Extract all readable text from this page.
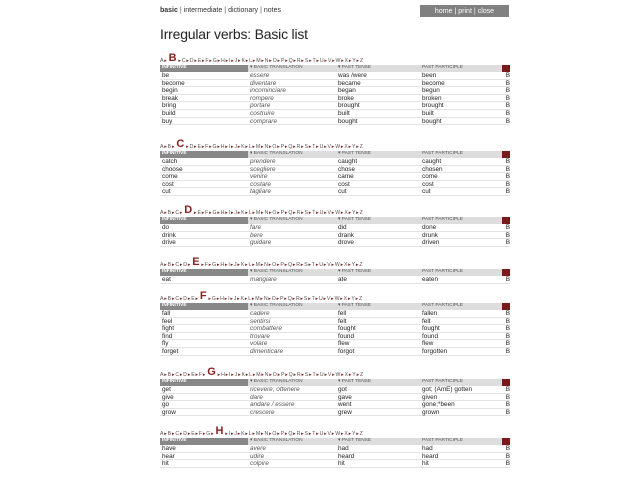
basic | intermediate | dictionary | notes	home | print | close
Irregular verbs: Basic list
A ▸ B ▸ C ▸ D ▸ E ▸ F ▸ G ▸ H ▸ I ▸ J ▸ K ▸ L ▸ M ▸ N ▸ O ▸ P ▸ Q ▸ R ▸ S ▸ T ▸ U ▸ V ▸ W ▸ X ▸ Y ▸ Z
INFINITIVE	▾ BASIC TRANSLATION	▾ PAST TENSE	PAST PARTICIPLE
be	essere	was /were	been	B
become	diventare	became	become	B
begin	incominciare	began	begun	B
break	rompere	broke	broken	B
bring	portare	brought	brought	B
build	costruire	built	built	B
buy	comprare	bought	bought	B
A ▸ B ▸ C ▸ D ▸ E ▸ F ▸ G ▸ H ▸ I ▸ J ▸ K ▸ L ▸ M ▸ N ▸ O ▸ P ▸ Q ▸ R ▸ S ▸ T ▸ U ▸ V ▸ W ▸ X ▸ Y ▸ Z
INFINITIVE	▾ BASIC TRANSLATION	▾ PAST TENSE	PAST PARTICIPLE
catch	prendere	caught	caught	B
choose	scegliere	chose	chosen	B
come	venire	came	come	B
cost	costare	cost	cost	B
cut	tagliare	cut	cut	B
A ▸ B ▸ C ▸ D ▸ E ▸ F ▸ G ▸ H ▸ I ▸ J ▸ K ▸ L ▸ M ▸ N ▸ O ▸ P ▸ Q ▸ R ▸ S ▸ T ▸ U ▸ V ▸ W ▸ X ▸ Y ▸ Z
INFINITIVE	▾ BASIC TRANSLATION	▾ PAST TENSE	PAST PARTICIPLE
do	fare	did	done	B
drink	bere	drank	drunk	B
drive	guidare	drove	driven	B
A ▸ B ▸ C ▸ D ▸ E ▸ F ▸ G ▸ H ▸ I ▸ J ▸ K ▸ L ▸ M ▸ N ▸ O ▸ P ▸ Q ▸ R ▸ S ▸ T ▸ U ▸ V ▸ W ▸ X ▸ Y ▸ Z
INFINITIVE	▾ BASIC TRANSLATION	▾ PAST TENSE	PAST PARTICIPLE
eat	mangiare	ate	eaten	B
A ▸ B ▸ C ▸ D ▸ E ▸ F ▸ G ▸ H ▸ I ▸ J ▸ K ▸ L ▸ M ▸ N ▸ O ▸ P ▸ Q ▸ R ▸ S ▸ T ▸ U ▸ V ▸ W ▸ X ▸ Y ▸ Z
INFINITIVE	▾ BASIC TRANSLATION	▾ PAST TENSE	PAST PARTICIPLE
fall	cadere	fell	fallen	B
feel	sentirsi	felt	felt	B
fight	combattere	fought	fought	B
find	trovare	found	found	B
fly	volare	flew	flew	B
forget	dimenticare	forgot	forgotten	B
A ▸ B ▸ C ▸ D ▸ E ▸ F ▸ G ▸ H ▸ I ▸ J ▸ K ▸ L ▸ M ▸ N ▸ O ▸ P ▸ Q ▸ R ▸ S ▸ T ▸ U ▸ V ▸ W ▸ X ▸ Y ▸ Z
INFINITIVE	▾ BASIC TRANSLATION	▾ PAST TENSE	PAST PARTICIPLE
get	ricevere; ottenere	got	got; (AmE) gotten	B
give	dare	gave	given	B
go	andare / essere	went	gone;*been	B
grow	crescere	grew	grown	B
A ▸ B ▸ C ▸ D ▸ E ▸ F ▸ G ▸ H ▸ I ▸ J ▸ K ▸ L ▸ M ▸ N ▸ O ▸ P ▸ Q ▸ R ▸ S ▸ T ▸ U ▸ V ▸ W ▸ X ▸ Y ▸ Z
INFINITIVE	▾ BASIC TRANSLATION	▾ PAST TENSE	PAST PARTICIPLE
have	avere	had	had	B
hear	udire	heard	heard	B
hit	colpire	hit	hit	B
